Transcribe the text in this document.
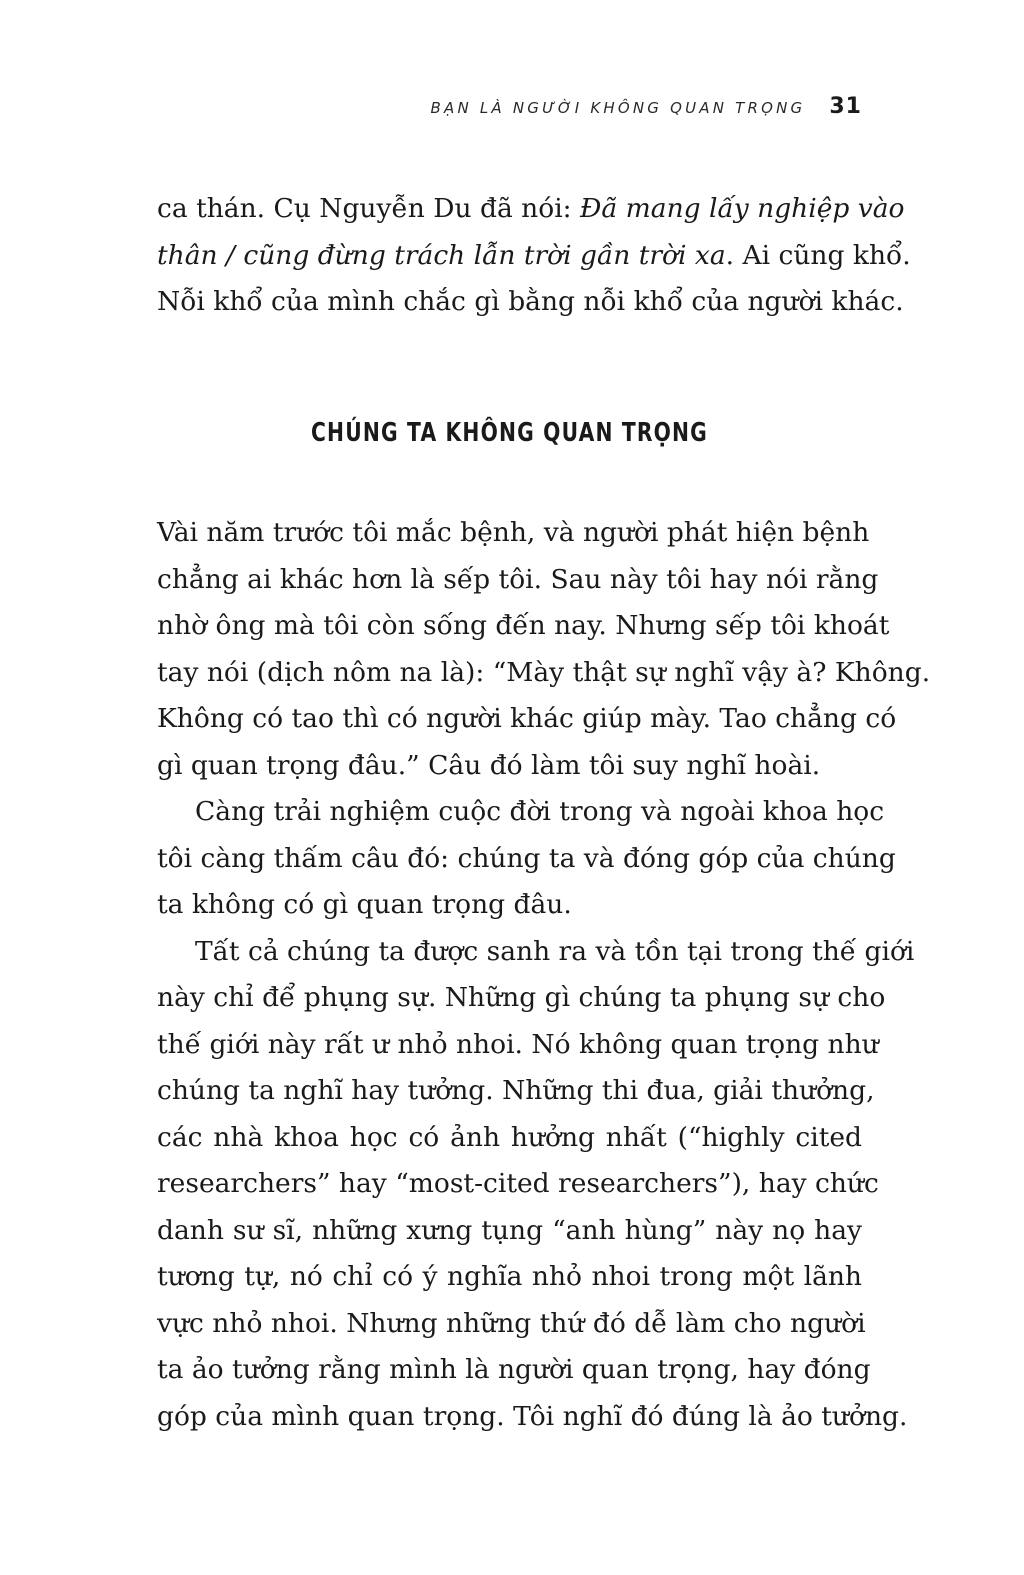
BẠN LÀ NGƯỜI KHÔNG QUAN TRỌNG 31
ca thán. Cụ Nguyễn Du đã nói: Đã mang lấy nghiệp vào
thân / cũng đừng trách lẫn trời gần trời xa. Ai cũng khổ.
Nỗi khổ của mình chắc gì bằng nỗi khổ của người khác.
CHÚNG TA KHÔNG QUAN TRỌNG
Vài năm trước tôi mắc bệnh, và người phát hiện bệnh
chẳng ai khác hơn là sếp tôi. Sau này tôi hay nói rằng
nhờ ông mà tôi còn sống đến nay. Nhưng sếp tôi khoát
tay nói (dịch nôm na là): “Mày thật sự nghĩ vậy à? Không.
Không có tao thì có người khác giúp mày. Tao chẳng có
gì quan trọng đâu.” Câu đó làm tôi suy nghĩ hoài.
Càng trải nghiệm cuộc đời trong và ngoài khoa học
tôi càng thấm câu đó: chúng ta và đóng góp của chúng
ta không có gì quan trọng đâu.
Tất cả chúng ta được sanh ra và tồn tại trong thế giới
này chỉ để phụng sự. Những gì chúng ta phụng sự cho
thế giới này rất ư nhỏ nhoi. Nó không quan trọng như
chúng ta nghĩ hay tưởng. Những thi đua, giải thưởng,
các nhà khoa học có ảnh hưởng nhất (“highly cited
researchers” hay “most-cited researchers”), hay chức
danh sư sĩ, những xưng tụng “anh hùng” này nọ hay
tương tự, nó chỉ có ý nghĩa nhỏ nhoi trong một lãnh
vực nhỏ nhoi. Nhưng những thứ đó dễ làm cho người
ta ảo tưởng rằng mình là người quan trọng, hay đóng
góp của mình quan trọng. Tôi nghĩ đó đúng là ảo tưởng.
